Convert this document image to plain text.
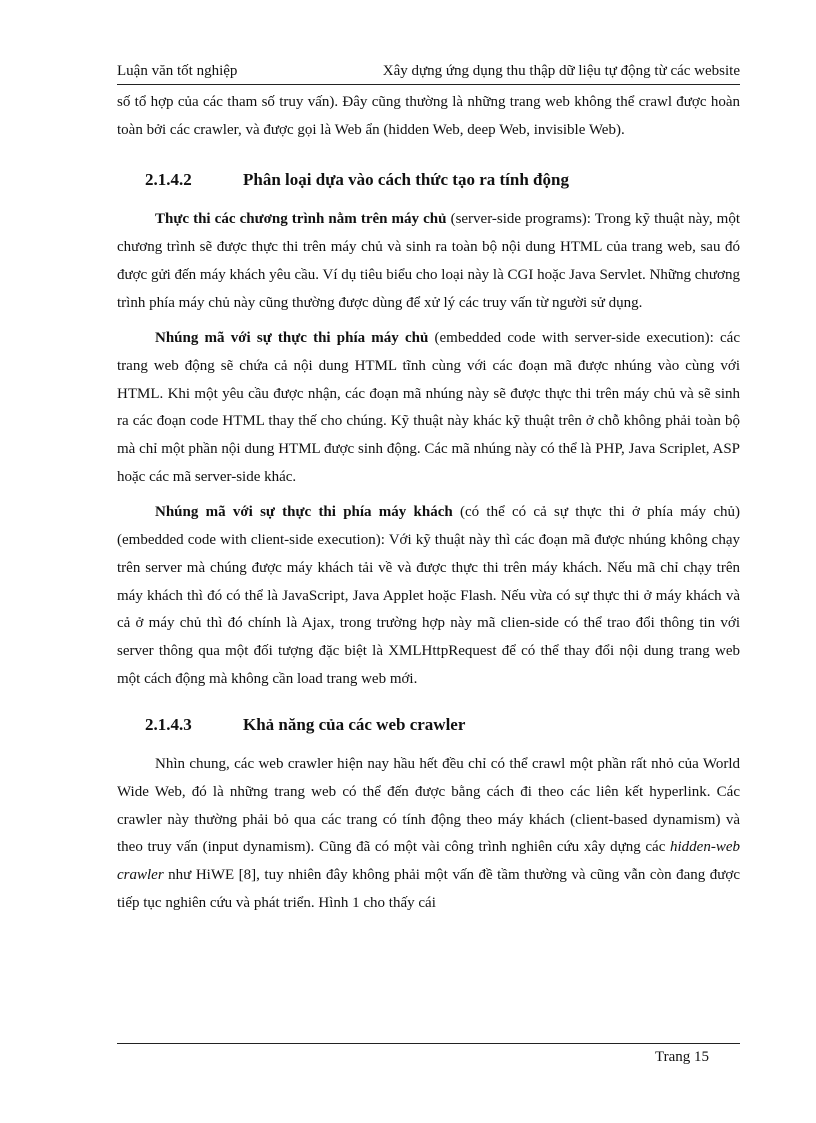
Luận văn tốt nghiệp	Xây dựng ứng dụng thu thập dữ liệu tự động từ các website

số tổ hợp của các tham số truy vấn). Đây cũng thường là những trang web không thể crawl được hoàn toàn bởi các crawler, và được gọi là Web ẩn (hidden Web, deep Web, invisible Web).

2.1.4.2	Phân loại dựa vào cách thức tạo ra tính động

Thực thi các chương trình nằm trên máy chủ (server-side programs): Trong kỹ thuật này, một chương trình sẽ được thực thi trên máy chủ và sinh ra toàn bộ nội dung HTML của trang web, sau đó được gửi đến máy khách yêu cầu. Ví dụ tiêu biểu cho loại này là CGI hoặc Java Servlet. Những chương trình phía máy chủ này cũng thường được dùng để xử lý các truy vấn từ người sử dụng.

Nhúng mã với sự thực thi phía máy chủ (embedded code with server-side execution): các trang web động sẽ chứa cả nội dung HTML tĩnh cùng với các đoạn mã được nhúng vào cùng với HTML. Khi một yêu cầu được nhận, các đoạn mã nhúng này sẽ được thực thi trên máy chủ và sẽ sinh ra các đoạn code HTML thay thế cho chúng. Kỹ thuật này khác kỹ thuật trên ở chỗ không phải toàn bộ mà chỉ một phần nội dung HTML được sinh động. Các mã nhúng này có thể là PHP, Java Scriplet, ASP hoặc các mã server-side khác.

Nhúng mã với sự thực thi phía máy khách (có thể có cả sự thực thi ở phía máy chủ) (embedded code with client-side execution): Với kỹ thuật này thì các đoạn mã được nhúng không chạy trên server mà chúng được máy khách tải về và được thực thi trên máy khách. Nếu mã chỉ chạy trên máy khách thì đó có thể là JavaScript, Java Applet hoặc Flash. Nếu vừa có sự thực thi ở máy khách và cả ở máy chủ thì đó chính là Ajax, trong trường hợp này mã clien-side có thể trao đổi thông tin với server thông qua một đối tượng đặc biệt là XMLHttpRequest để có thể thay đổi nội dung trang web một cách động mà không cần load trang web mới.

2.1.4.3	Khả năng của các web crawler

Nhìn chung, các web crawler hiện nay hầu hết đều chỉ có thể crawl một phần rất nhỏ của World Wide Web, đó là những trang web có thể đến được bằng cách đi theo các liên kết hyperlink. Các crawler này thường phải bỏ qua các trang có tính động theo máy khách (client-based dynamism) và theo truy vấn (input dynamism). Cũng đã có một vài công trình nghiên cứu xây dựng các hidden-web crawler như HiWE [8], tuy nhiên đây không phải một vấn đề tầm thường và cũng vẫn còn đang được tiếp tục nghiên cứu và phát triển. Hình 1 cho thấy cái

Trang 15
